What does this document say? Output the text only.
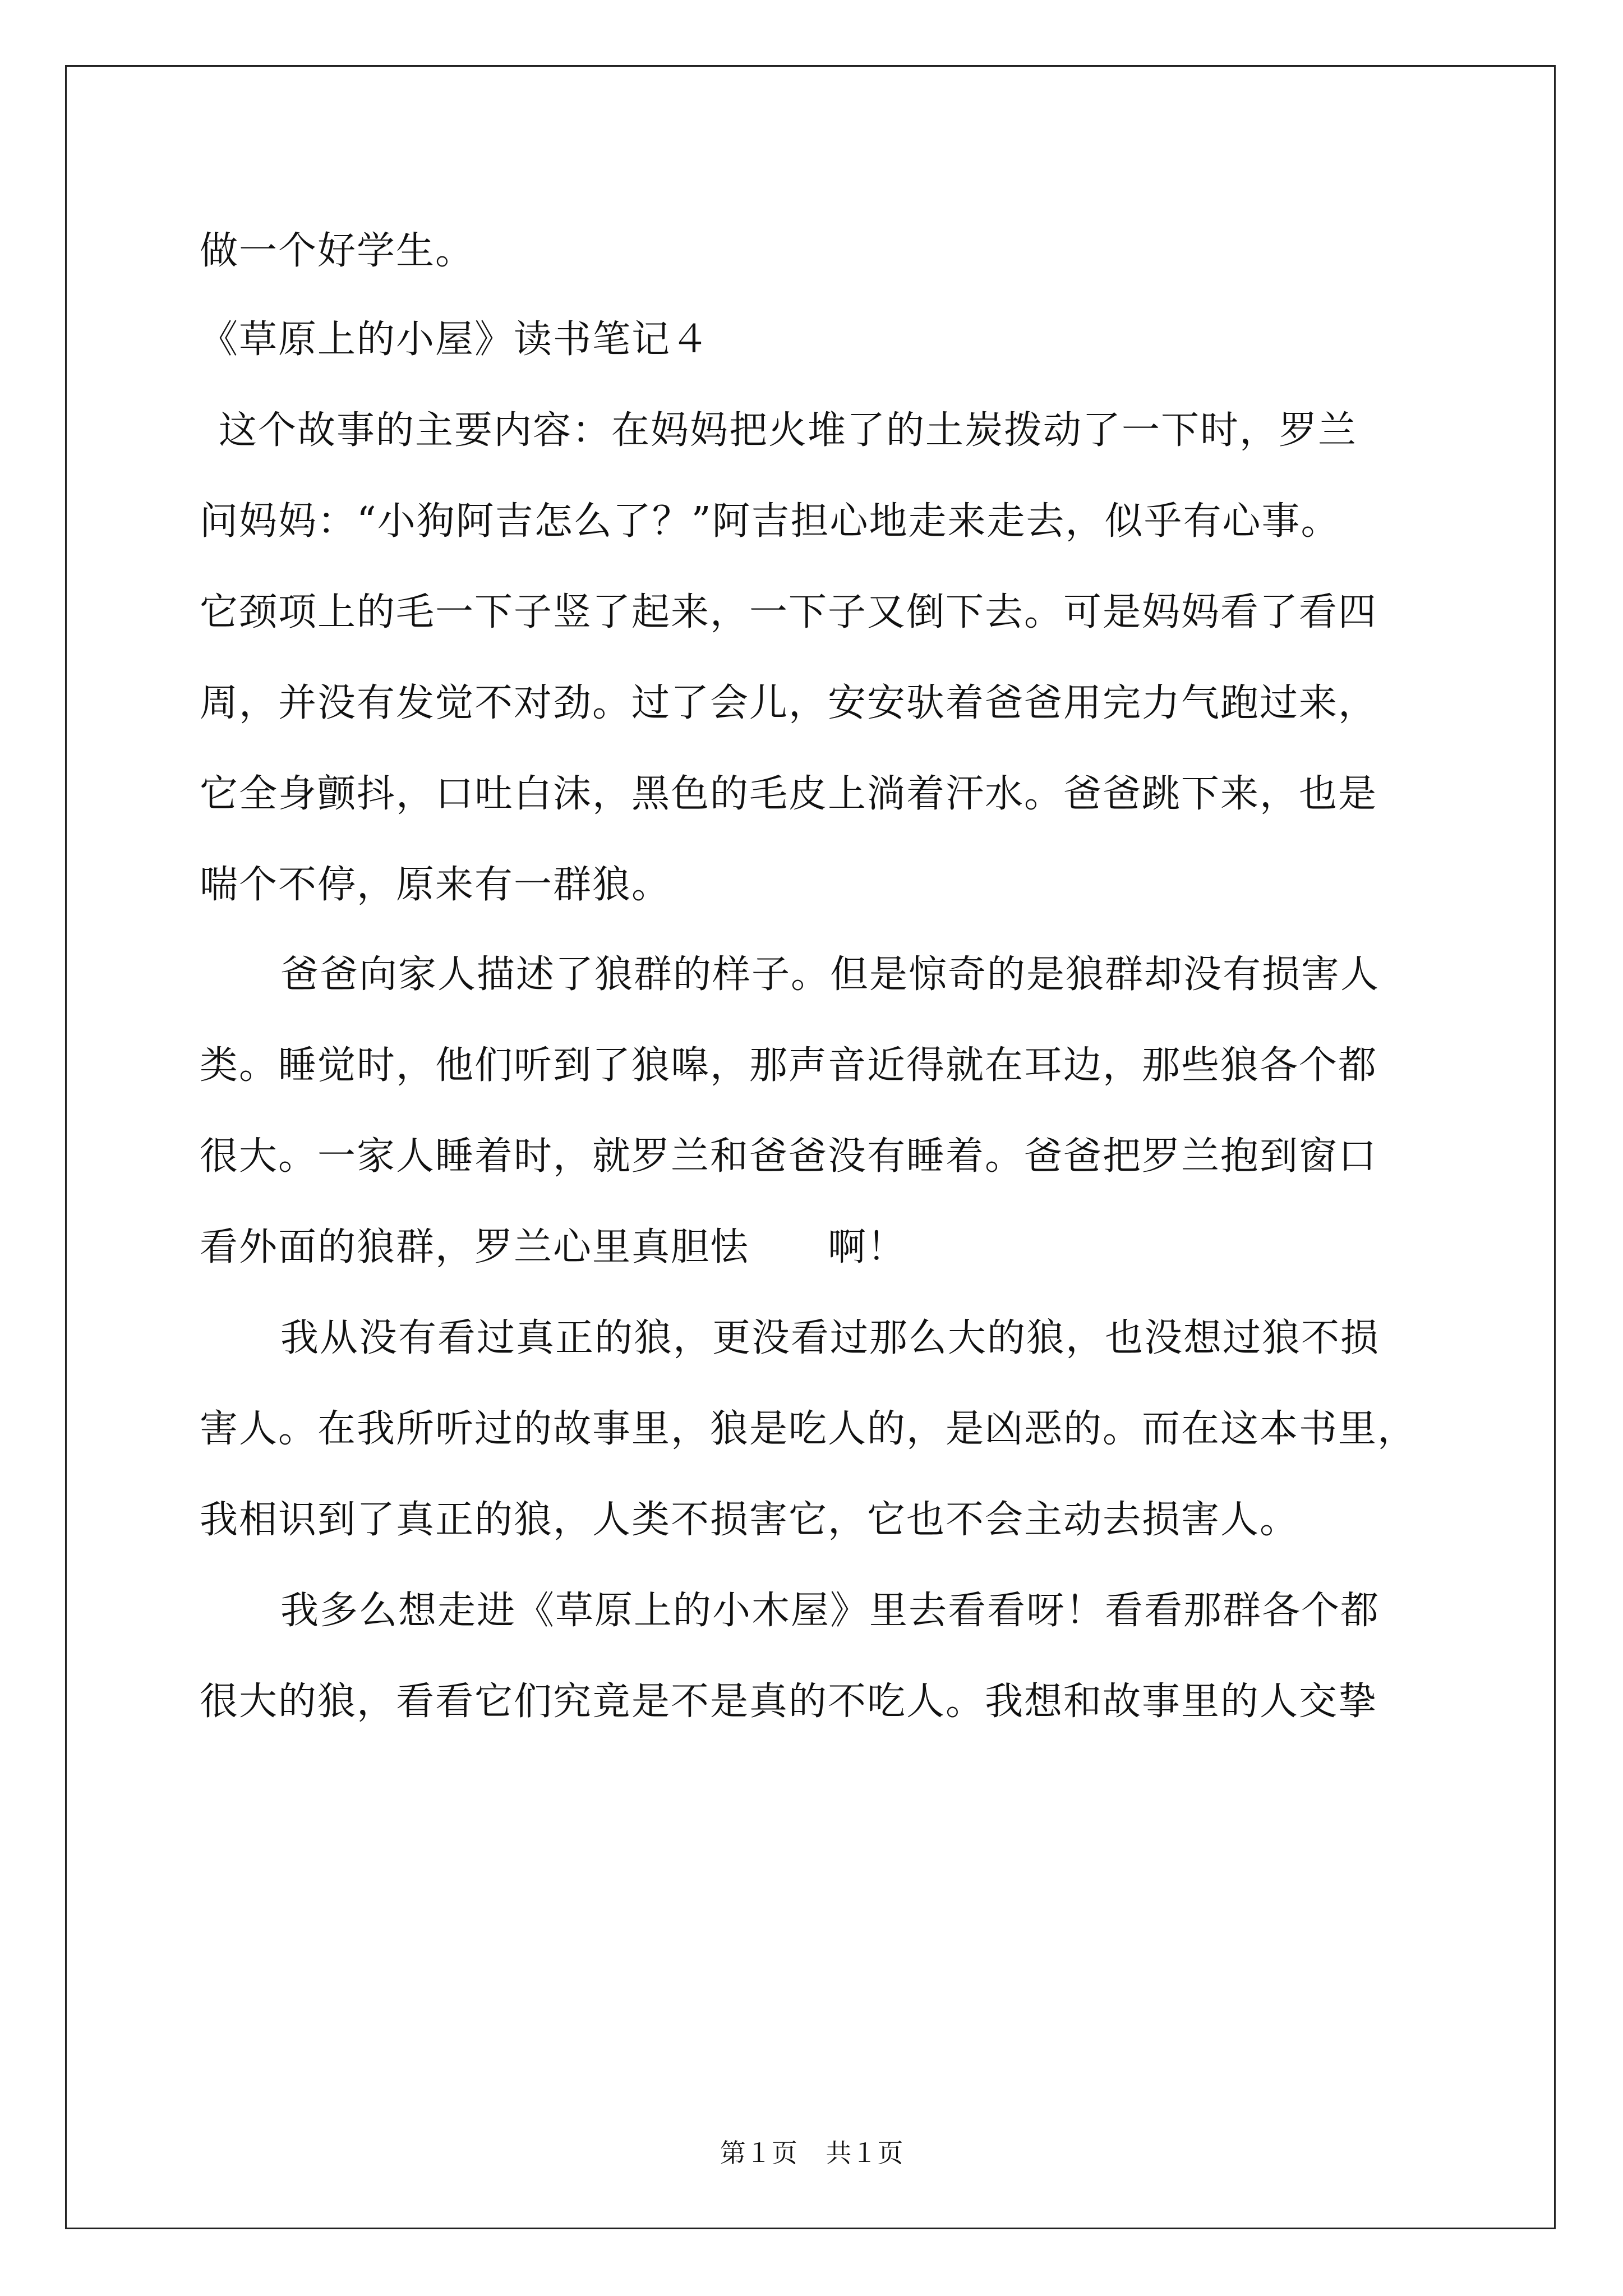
做一个好学生。
《草原上的小屋》读书笔记４
这个故事的主要内容：在妈妈把火堆了的土炭拨动了一下时，罗兰
问妈妈：“小狗阿吉怎么了？”阿吉担心地走来走去，似乎有心事。
它颈项上的毛一下子竖了起来，一下子又倒下去。可是妈妈看了看四
周，并没有发觉不对劲。过了会儿，安安驮着爸爸用完力气跑过来，
它全身颤抖，口吐白沫，黑色的毛皮上淌着汗水。爸爸跳下来，也是
喘个不停，原来有一群狼。
爸爸向家人描述了狼群的样子。但是惊奇的是狼群却没有损害人
类。睡觉时，他们听到了狼嗥，那声音近得就在耳边，那些狼各个都
很大。一家人睡着时，就罗兰和爸爸没有睡着。爸爸把罗兰抱到窗口
看外面的狼群，罗兰心里真胆怯　　啊！
我从没有看过真正的狼，更没看过那么大的狼，也没想过狼不损
害人。在我所听过的故事里，狼是吃人的，是凶恶的。而在这本书里，
我相识到了真正的狼，人类不损害它，它也不会主动去损害人。
我多么想走进《草原上的小木屋》里去看看呀！看看那群各个都
很大的狼，看看它们究竟是不是真的不吃人。我想和故事里的人交挚
第１页 共１页
